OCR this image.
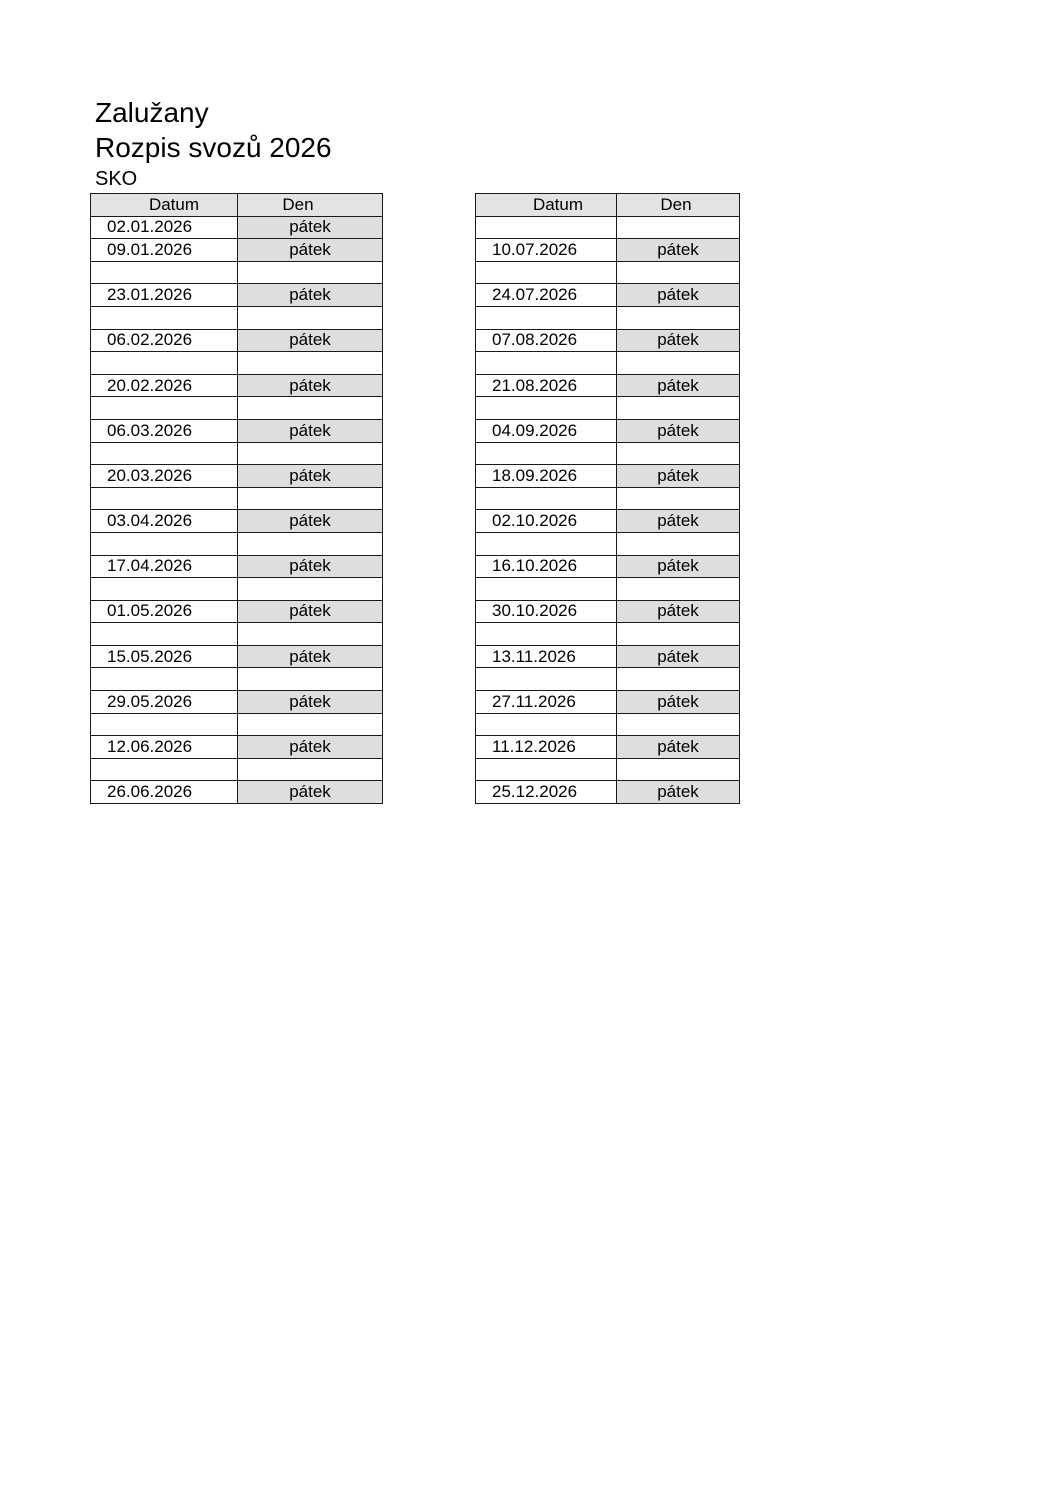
Zalužany
Rozpis svozů 2026
SKO
Datum	Den
02.01.2026	pátek
09.01.2026	pátek

23.01.2026	pátek

06.02.2026	pátek

20.02.2026	pátek

06.03.2026	pátek

20.03.2026	pátek

03.04.2026	pátek

17.04.2026	pátek

01.05.2026	pátek

15.05.2026	pátek

29.05.2026	pátek

12.06.2026	pátek

26.06.2026	pátek
Datum	Den

10.07.2026	pátek

24.07.2026	pátek

07.08.2026	pátek

21.08.2026	pátek

04.09.2026	pátek

18.09.2026	pátek

02.10.2026	pátek

16.10.2026	pátek

30.10.2026	pátek

13.11.2026	pátek

27.11.2026	pátek

11.12.2026	pátek

25.12.2026	pátek
